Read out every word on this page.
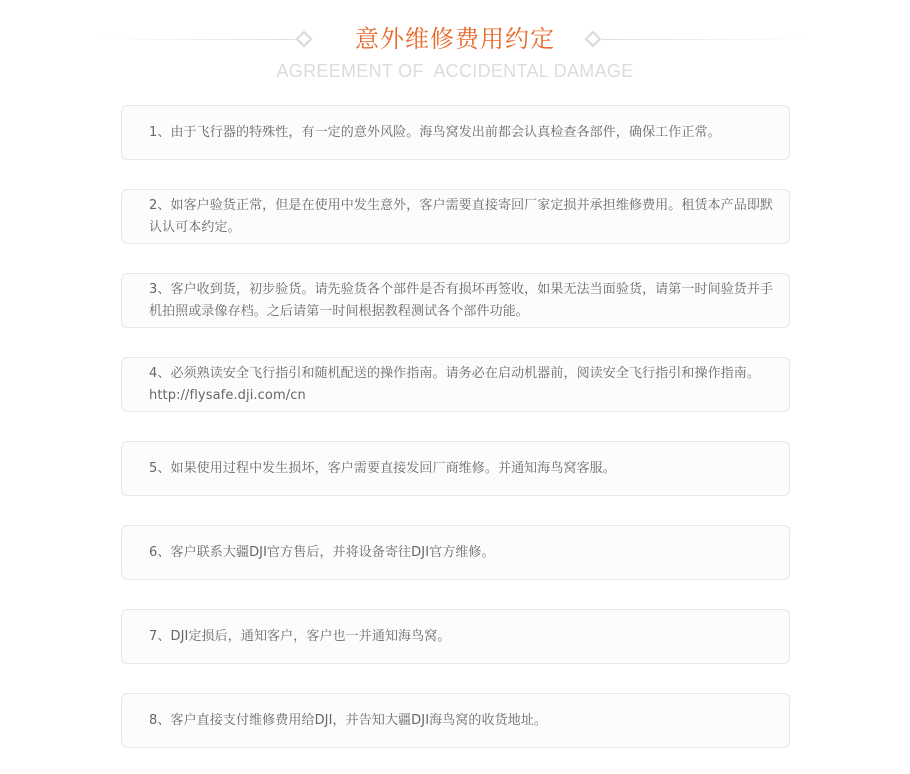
意外维修费用约定
AGREEMENT OF  ACCIDENTAL DAMAGE
1、由于飞行器的特殊性，有一定的意外风险。海鸟窝发出前都会认真检查各部件，确保工作正常。
2、如客户验货正常，但是在使用中发生意外，客户需要直接寄回厂家定损并承担维修费用。租赁本产品即默认认可本约定。
3、客户收到货，初步验货。请先验货各个部件是否有损坏再签收，如果无法当面验货，请第一时间验货并手机拍照或录像存档。之后请第一时间根据教程测试各个部件功能。
4、必须熟读安全飞行指引和随机配送的操作指南。请务必在启动机器前，阅读安全飞行指引和操作指南。http://flysafe.dji.com/cn
5、如果使用过程中发生损坏，客户需要直接发回厂商维修。并通知海鸟窝客服。
6、客户联系大疆DJI官方售后，并将设备寄往DJI官方维修。
7、DJI定损后，通知客户，客户也一并通知海鸟窝。
8、客户直接支付维修费用给DJI，并告知大疆DJI海鸟窝的收货地址。
